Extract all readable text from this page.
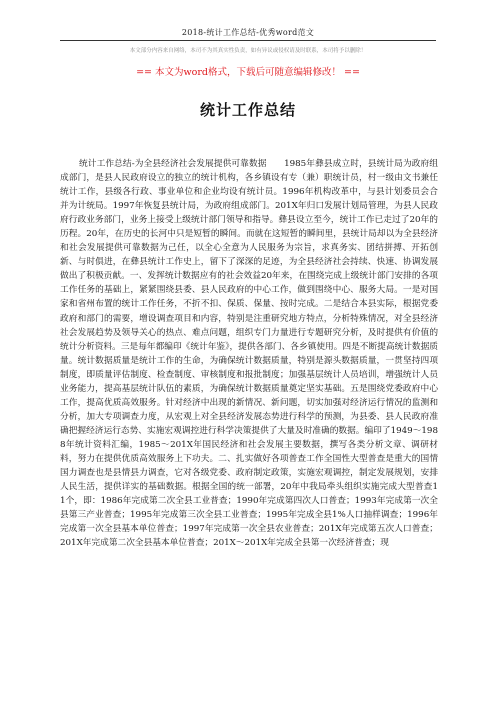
2018-统计工作总结-优秀word范文
本文部分内容来自网络，本司不为其真实性负责，如有异议或侵权请及时联系，本司将予以删除！
== 本文为word格式，下载后可随意编辑修改！ ==
统计工作总结

统计工作总结-为全县经济社会发展提供可靠数据　　1985年彝县成立时，县统计局为政府组成部门，是县人民政府设立的独立的统计机构，各乡镇设有专（兼）职统计员，村一级由文书兼任统计工作，县级各行政、事业单位和企业均设有统计员。1996年机构改革中，与县计划委员会合并为计统局。1997年恢复县统计局，为政府组成部门。201X年归口发展计划局管理，为县人民政府行政业务部门，业务上接受上级统计部门领导和指导。彝县设立至今，统计工作已走过了20年的历程。20年，在历史的长河中只是短暂的瞬间。而就在这短暂的瞬间里，县统计局却以为全县经济和社会发展提供可靠数据为己任，以全心全意为人民服务为宗旨，求真务实、团结拼搏、开拓创新、与时俱进，在彝县统计工作史上，留下了深深的足迹，为全县经济社会持续、快速、协调发展做出了积极贡献。一、发挥统计数据应有的社会效益20年来，在围绕完成上级统计部门安排的各项工作任务的基础上，紧紧围绕县委、县人民政府的中心工作，做到围绕中心、服务大局。一是对国家和省州布置的统计工作任务，不折不扣、保质、保量、按时完成。二是结合本县实际，根据党委政府和部门的需要，增设调查项目和内容，特别是注重研究地方特点，分析特殊情况，对全县经济社会发展趋势及领导关心的热点、难点问题，组织专门力量进行专题研究分析，及时提供有价值的统计分析资料。三是每年都编印《统计年鉴》，提供各部门、各乡镇使用。四是不断提高统计数据质量。统计数据质量是统计工作的生命，为确保统计数据质量，特别是源头数据质量，一贯坚持四项制度，即质量评估制度、检查制度、审核制度和报批制度；加强基层统计人员培训，增强统计人员业务能力，提高基层统计队伍的素质，为确保统计数据质量奠定坚实基础。五是围绕党委政府中心工作，提高优质高效服务。针对经济中出现的新情况、新问题，切实加强对经济运行情况的监测和分析，加大专项调查力度，从宏观上对全县经济发展态势进行科学的预测，为县委、县人民政府准确把握经济运行态势、实施宏观调控进行科学决策提供了大量及时准确的数据。编印了1949～1988年统计资料汇编，1985～201X年国民经济和社会发展主要数据，撰写各类分析文章、调研材料，努力在提供优质高效服务上下功夫。二、扎实做好各项普查工作全国性大型普查是重大的国情国力调查也是县情县力调查，它对各级党委、政府制定政策，实施宏观调控，制定发展规划，安排人民生活，提供详实的基础数据。根据全国的统一部署，20年中我局牵头组织实施完成大型普查11个，即：1986年完成第二次全县工业普查；1990年完成第四次人口普查；1993年完成第一次全县第三产业普查；1995年完成第三次全县工业普查；1995年完成全县1%人口抽样调查；1996年完成第一次全县基本单位普查；1997年完成第一次全县农业普查；201X年完成第五次人口普查；201X年完成第二次全县基本单位普查；201X～201X年完成全县第一次经济普查；现
